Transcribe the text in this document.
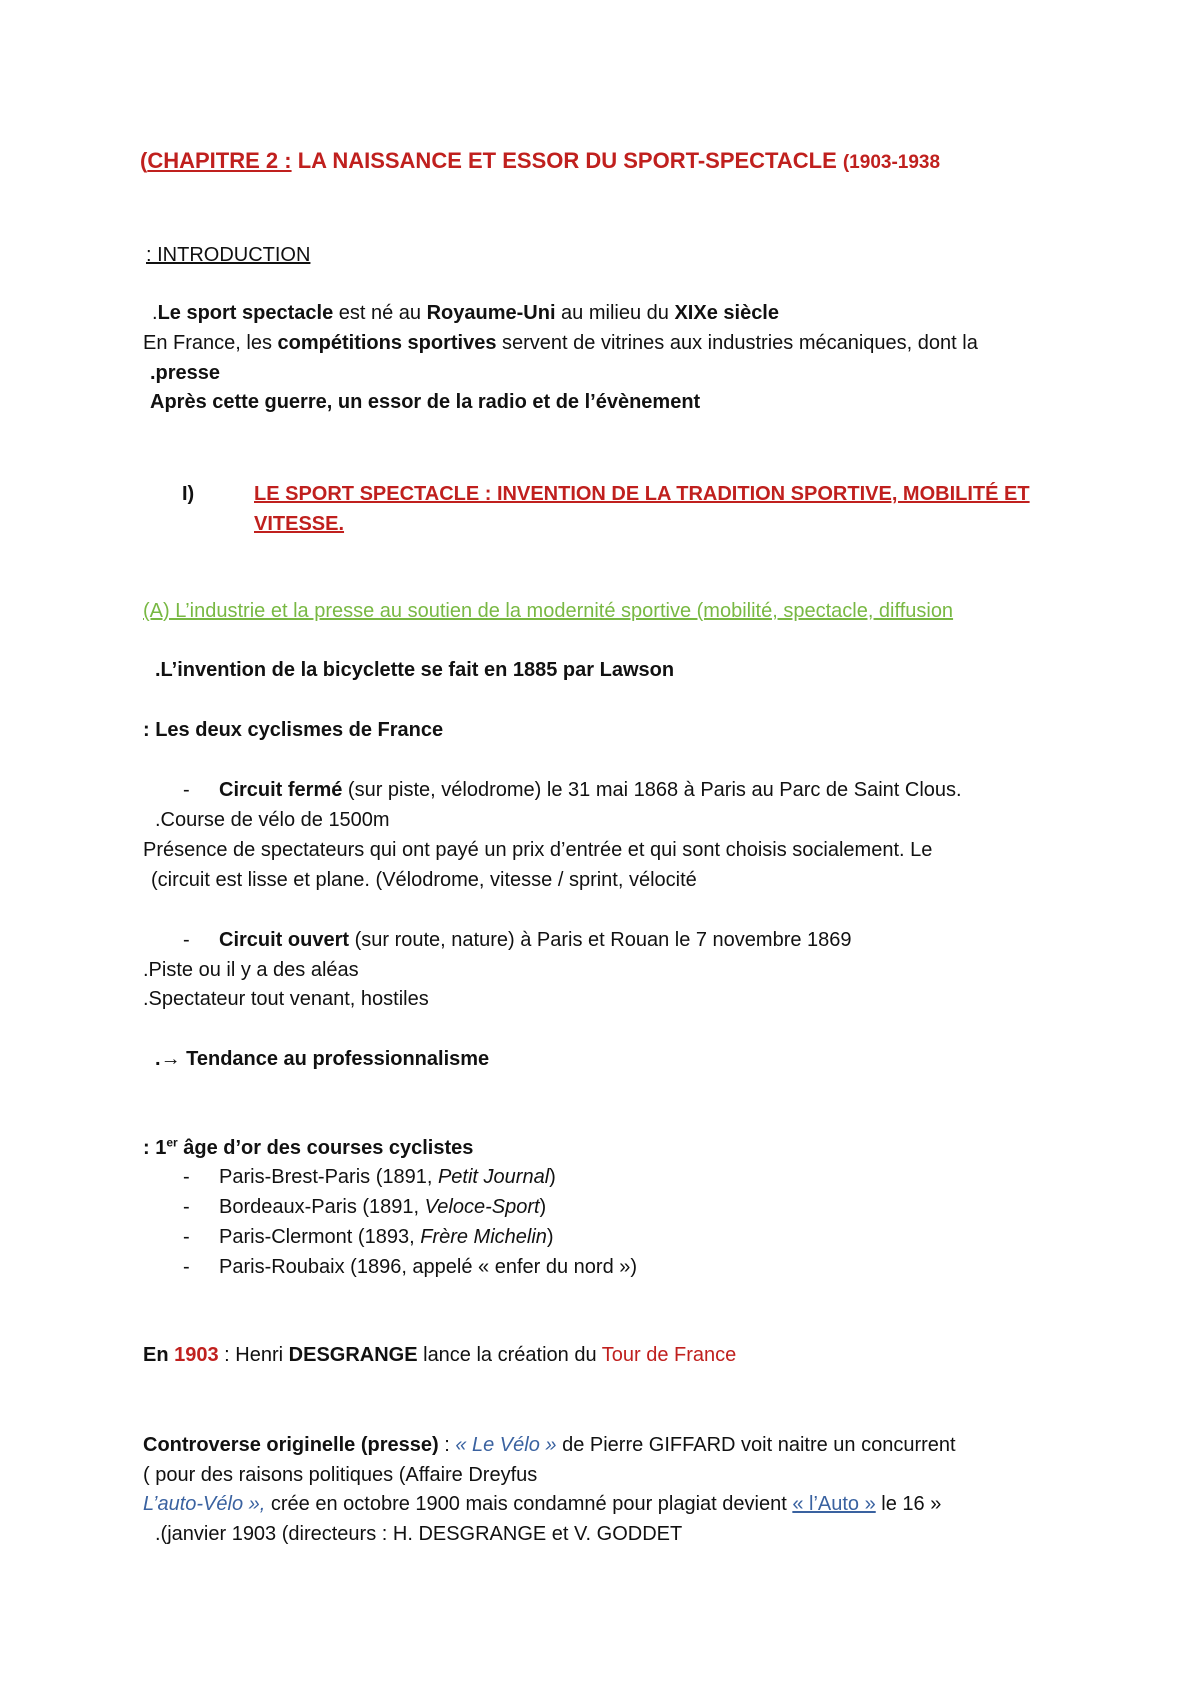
(CHAPITRE 2 : LA NAISSANCE ET ESSOR DU SPORT-SPECTACLE (1903-1938
: INTRODUCTION
.Le sport spectacle est né au Royaume-Uni au milieu du XIXe siècle
En France, les compétitions sportives servent de vitrines aux industries mécaniques, dont la
.presse
Après cette guerre, un essor de la radio et de l’évènement
I)	LE SPORT SPECTACLE : INVENTION DE LA TRADITION SPORTIVE, MOBILITÉ ET
VITESSE.
(A) L’industrie et la presse au soutien de la modernité sportive (mobilité, spectacle, diffusion
.L’invention de la bicyclette se fait en 1885 par Lawson
: Les deux cyclismes de France
- Circuit fermé (sur piste, vélodrome) le 31 mai 1868 à Paris au Parc de Saint Clous.
.Course de vélo de 1500m
Présence de spectateurs qui ont payé un prix d’entrée et qui sont choisis socialement. Le
(circuit est lisse et plane. (Vélodrome, vitesse / sprint, vélocité
- Circuit ouvert (sur route, nature) à Paris et Rouan le 7 novembre 1869
.Piste ou il y a des aléas
.Spectateur tout venant, hostiles
.→ Tendance au professionnalisme
: 1er âge d’or des courses cyclistes
- Paris-Brest-Paris (1891, Petit Journal)
- Bordeaux-Paris (1891, Veloce-Sport)
- Paris-Clermont (1893, Frère Michelin)
- Paris-Roubaix (1896, appelé « enfer du nord »)
En 1903 : Henri DESGRANGE lance la création du Tour de France
Controverse originelle (presse) : « Le Vélo » de Pierre GIFFARD voit naitre un concurrent
( pour des raisons politiques (Affaire Dreyfus
L’auto-Vélo », crée en octobre 1900 mais condamné pour plagiat devient « l’Auto » le 16 »
.(janvier 1903 (directeurs : H. DESGRANGE et V. GODDET
